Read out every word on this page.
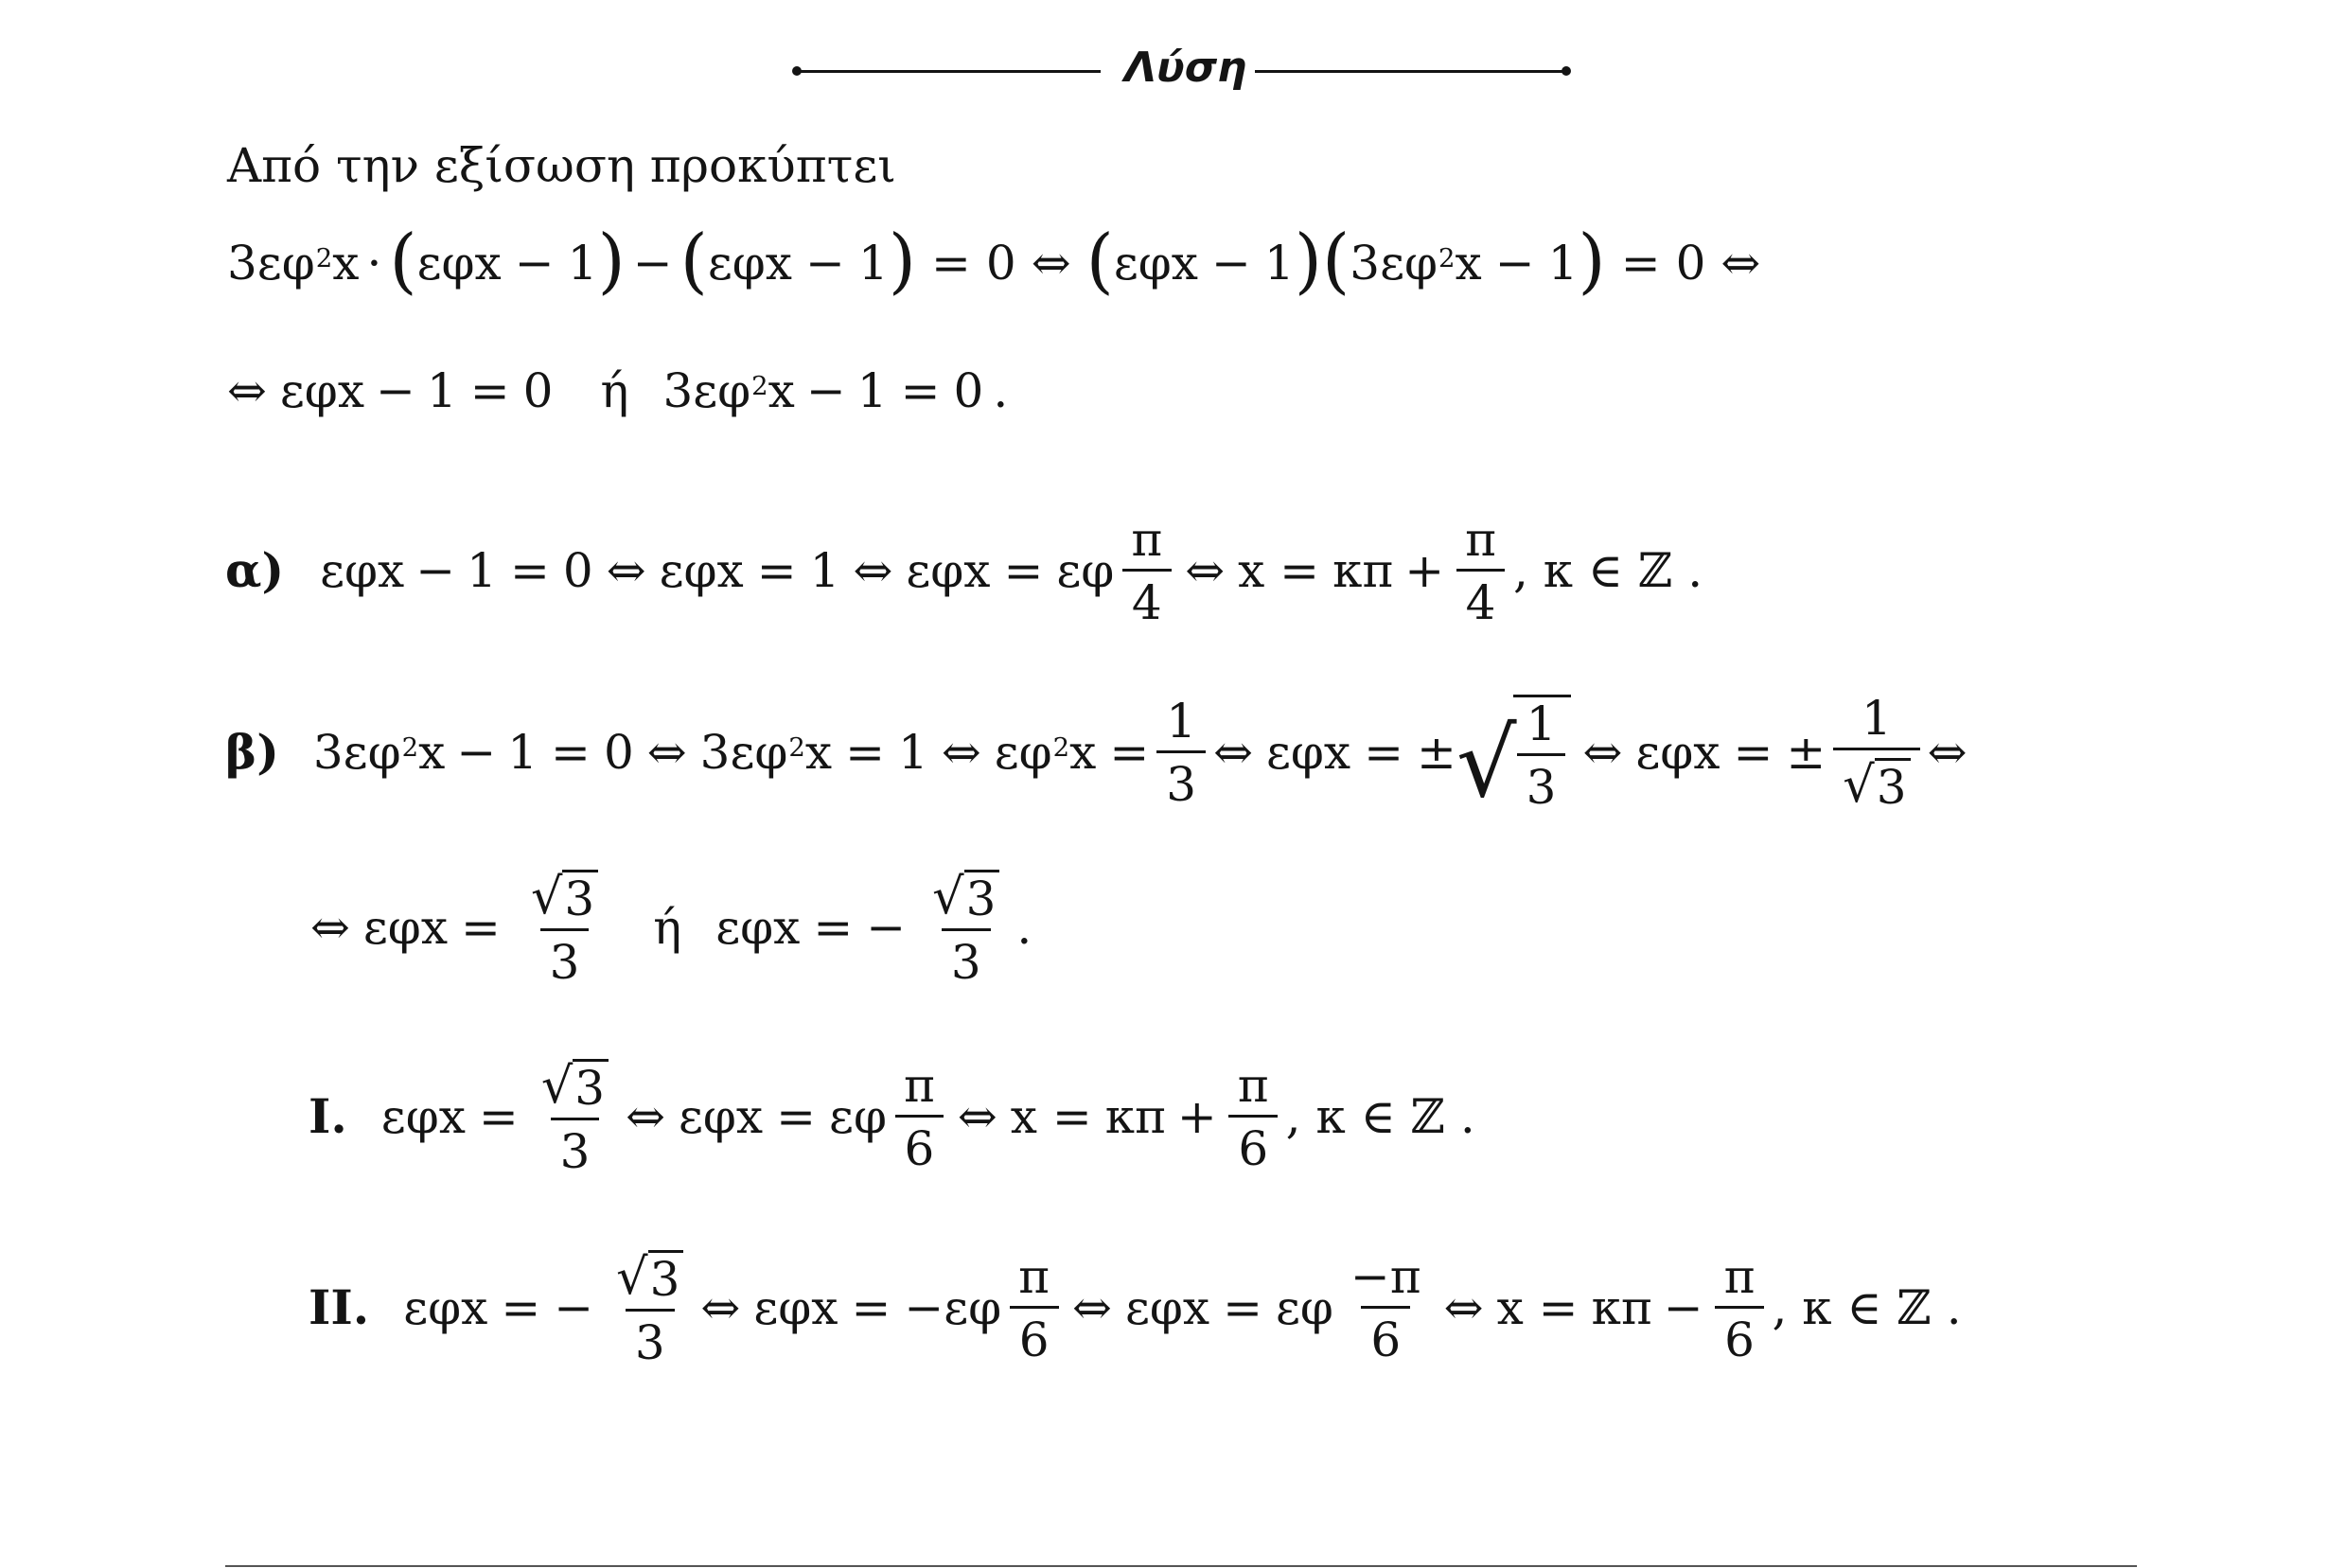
Λύση
Από την εξίσωση προκύπτει
3εφ 2 x · ( εφx − 1 ) − ( εφx − 1 ) = 0 ⇔ ( εφx − 1 ) ( 3εφ 2 x − 1 ) = 0 ⇔
⇔ εφx − 1 = 0 ή 3εφ 2 x − 1 = 0 .
α) εφx − 1 = 0 ⇔ εφx = 1 ⇔ εφx = εφ $\frac{\pi}{4}$ ⇔ $x = \kappa\pi + \frac{\pi}{4}$ , κ ∈ ℤ .
β) 3εφ 2 x − 1 = 0 ⇔ 3εφ 2 x = 1 ⇔ εφ 2 $x = \frac{1}{3}$ ⇔ εφx = ± √ $\frac{1}{3}$ ⇔ εφx = ± $\frac{1}{√ 3}$ ⇔
⇔ $\varepsilon\varphi x = \frac{√ 3}{3}$ ή εφx = − $\frac{√ 3}{3}$ .
I. $\varepsilon\varphi x = \frac{√ 3}{3}$ ⇔ εφx = εφ $\frac{\pi}{6}$ ⇔ $x = \kappa\pi + \frac{\pi}{6}$ , κ ∈ ℤ .
II. εφx = − $\frac{√ 3}{3}$ ⇔ $\varepsilon\varphi x = -\varepsilon\varphi \frac{\pi}{6}$ ⇔ εφx = εφ $\frac{-\pi}{6}$ ⇔ $x = \kappa\pi - \frac{\pi}{6}$ , κ ∈ ℤ .
